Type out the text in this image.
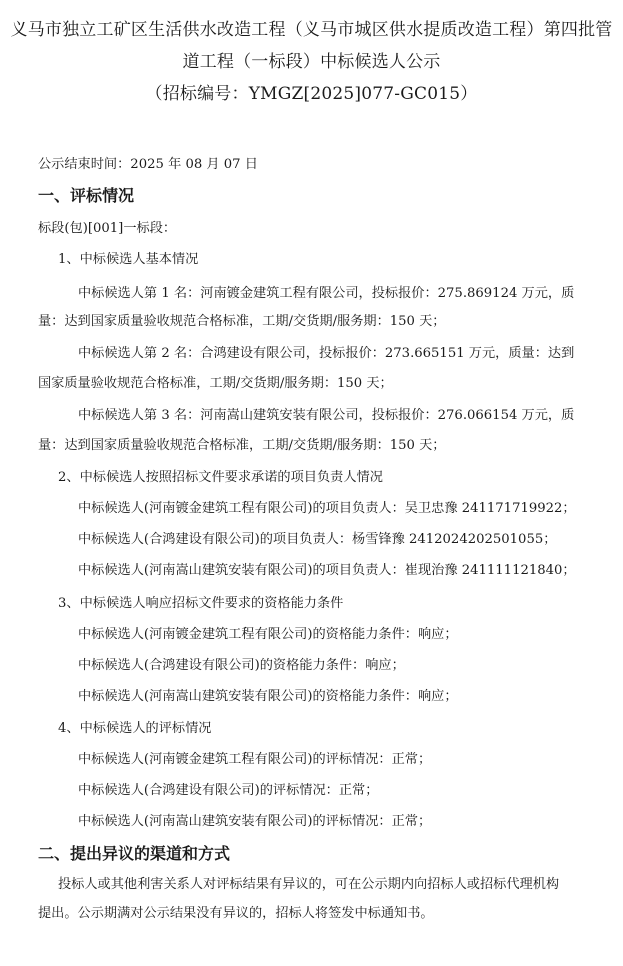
义马市独立工矿区生活供水改造工程（义马市城区供水提质改造工程）第四批管
道工程（一标段）中标候选人公示
（招标编号：YMGZ[2025]077-GC015）
公示结束时间：2025 年 08 月 07 日
一、评标情况
标段(包)[001]一标段：
1、中标候选人基本情况
中标候选人第 1 名：河南镀金建筑工程有限公司，投标报价：275.869124 万元，质
量：达到国家质量验收规范合格标准，工期/交货期/服务期：150 天；
中标候选人第 2 名：合鸿建设有限公司，投标报价：273.665151 万元，质量：达到
国家质量验收规范合格标准，工期/交货期/服务期：150 天；
中标候选人第 3 名：河南嵩山建筑安装有限公司，投标报价：276.066154 万元，质
量：达到国家质量验收规范合格标准，工期/交货期/服务期：150 天；
2、中标候选人按照招标文件要求承诺的项目负责人情况
中标候选人(河南镀金建筑工程有限公司)的项目负责人：吴卫忠豫 241171719922；
中标候选人(合鸿建设有限公司)的项目负责人：杨雪锋豫 2412024202501055；
中标候选人(河南嵩山建筑安装有限公司)的项目负责人：崔现治豫 241111121840；
3、中标候选人响应招标文件要求的资格能力条件
中标候选人(河南镀金建筑工程有限公司)的资格能力条件：响应；
中标候选人(合鸿建设有限公司)的资格能力条件：响应；
中标候选人(河南嵩山建筑安装有限公司)的资格能力条件：响应；
4、中标候选人的评标情况
中标候选人(河南镀金建筑工程有限公司)的评标情况：正常；
中标候选人(合鸿建设有限公司)的评标情况：正常；
中标候选人(河南嵩山建筑安装有限公司)的评标情况：正常；
二、提出异议的渠道和方式
投标人或其他利害关系人对评标结果有异议的，可在公示期内向招标人或招标代理机构
提出。公示期满对公示结果没有异议的，招标人将签发中标通知书。
